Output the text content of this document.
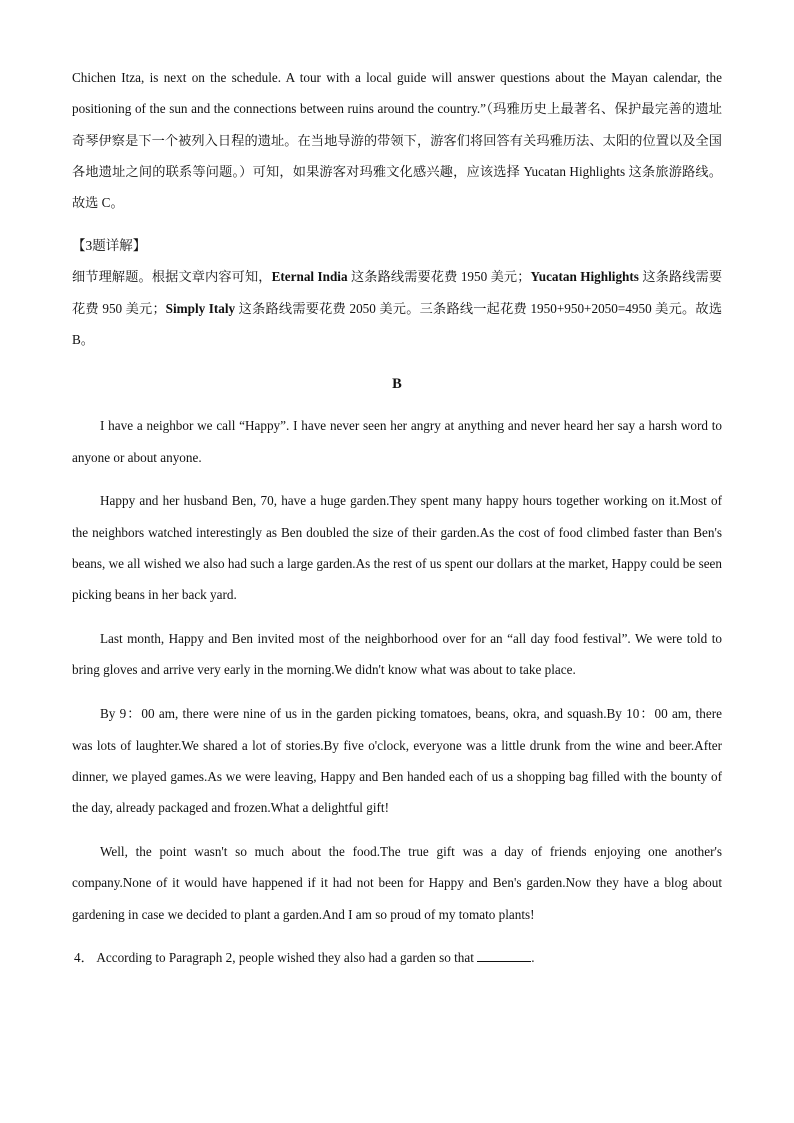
Chichen Itza, is next on the schedule. A tour with a local guide will answer questions about the Mayan calendar, the positioning of the sun and the connections between ruins around the country.”（玛雅历史上最著名、保护最完善的遗址奇琴伊察是下一个被列入日程的遗址。在当地导游的带领下，游客们将回答有关玛雅历法、太阳的位置以及全国各地遗址之间的联系等问题。）可知，如果游客对玛雅文化感兴趣，应该选择 Yucatan Highlights 这条旅游路线。故选 C。

【3题详解】

细节理解题。根据文章内容可知，Eternal India 这条路线需要花费 1950 美元；Yucatan Highlights 这条路线需要花费 950 美元；Simply Italy 这条路线需要花费 2050 美元。三条路线一起花费 1950+950+2050=4950 美元。故选 B。

B

I have a neighbor we call “Happy”. I have never seen her angry at anything and never heard her say a harsh word to anyone or about anyone.

Happy and her husband Ben, 70, have a huge garden.They spent many happy hours together working on it.Most of the neighbors watched interestingly as Ben doubled the size of their garden.As the cost of food climbed faster than Ben's beans, we all wished we also had such a large garden.As the rest of us spent our dollars at the market, Happy could be seen picking beans in her back yard.

Last month, Happy and Ben invited most of the neighborhood over for an “all day food festival”. We were told to bring gloves and arrive very early in the morning.We didn't know what was about to take place.

By 9：00 am, there were nine of us in the garden picking tomatoes, beans, okra, and squash.By 10：00 am, there was lots of laughter.We shared a lot of stories.By five o'clock, everyone was a little drunk from the wine and beer.After dinner, we played games.As we were leaving, Happy and Ben handed each of us a shopping bag filled with the bounty of the day, already packaged and frozen.What a delightful gift!

Well, the point wasn't so much about the food.The true gift was a day of friends enjoying one another's company.None of it would have happened if it had not been for Happy and Ben's garden.Now they have a blog about gardening in case we decided to plant a garden.And I am so proud of my tomato plants!

4． According to Paragraph 2, people wished they also had a garden so that	.
